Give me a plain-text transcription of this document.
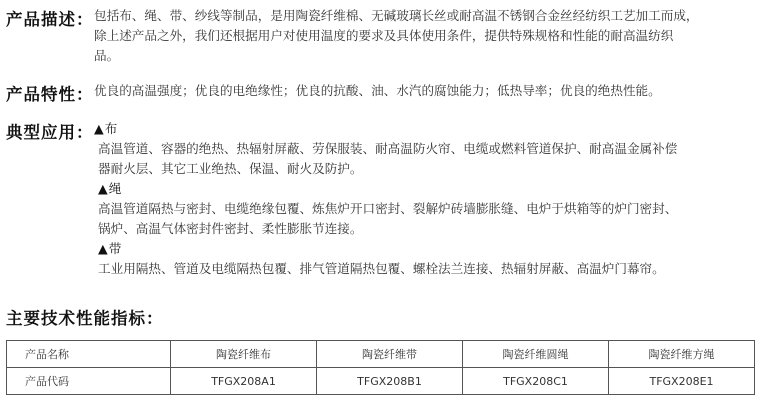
产品描述： 包括布、绳、带、纱线等制品，是用陶瓷纤维棉、无碱玻璃长丝或耐高温不锈钢合金丝经纺织工艺加工而成，
除上述产品之外，我们还根据用户对使用温度的要求及具体使用条件，提供特殊规格和性能的耐高温纺织
品。
产品特性： 优良的高温强度；优良的电绝缘性；优良的抗酸、油、水汽的腐蚀能力；低热导率；优良的绝热性能。
典型应用： ▲布
高温管道、容器的绝热、热辐射屏蔽、劳保服装、耐高温防火帘、电缆或燃料管道保护、耐高温金属补偿
器耐火层、其它工业绝热、保温、耐火及防护。
▲绳
高温管道隔热与密封、电缆绝缘包覆、炼焦炉开口密封、裂解炉砖墙膨胀缝、电炉于烘箱等的炉门密封、
锅炉、高温气体密封件密封、柔性膨胀节连接。
▲带
工业用隔热、管道及电缆隔热包覆、排气管道隔热包覆、螺栓法兰连接、热辐射屏蔽、高温炉门幕帘。
主要技术性能指标：
产品名称	陶瓷纤维布	陶瓷纤维带	陶瓷纤维圆绳	陶瓷纤维方绳
产品代码	TFGX208A1	TFGX208B1	TFGX208C1	TFGX208E1
